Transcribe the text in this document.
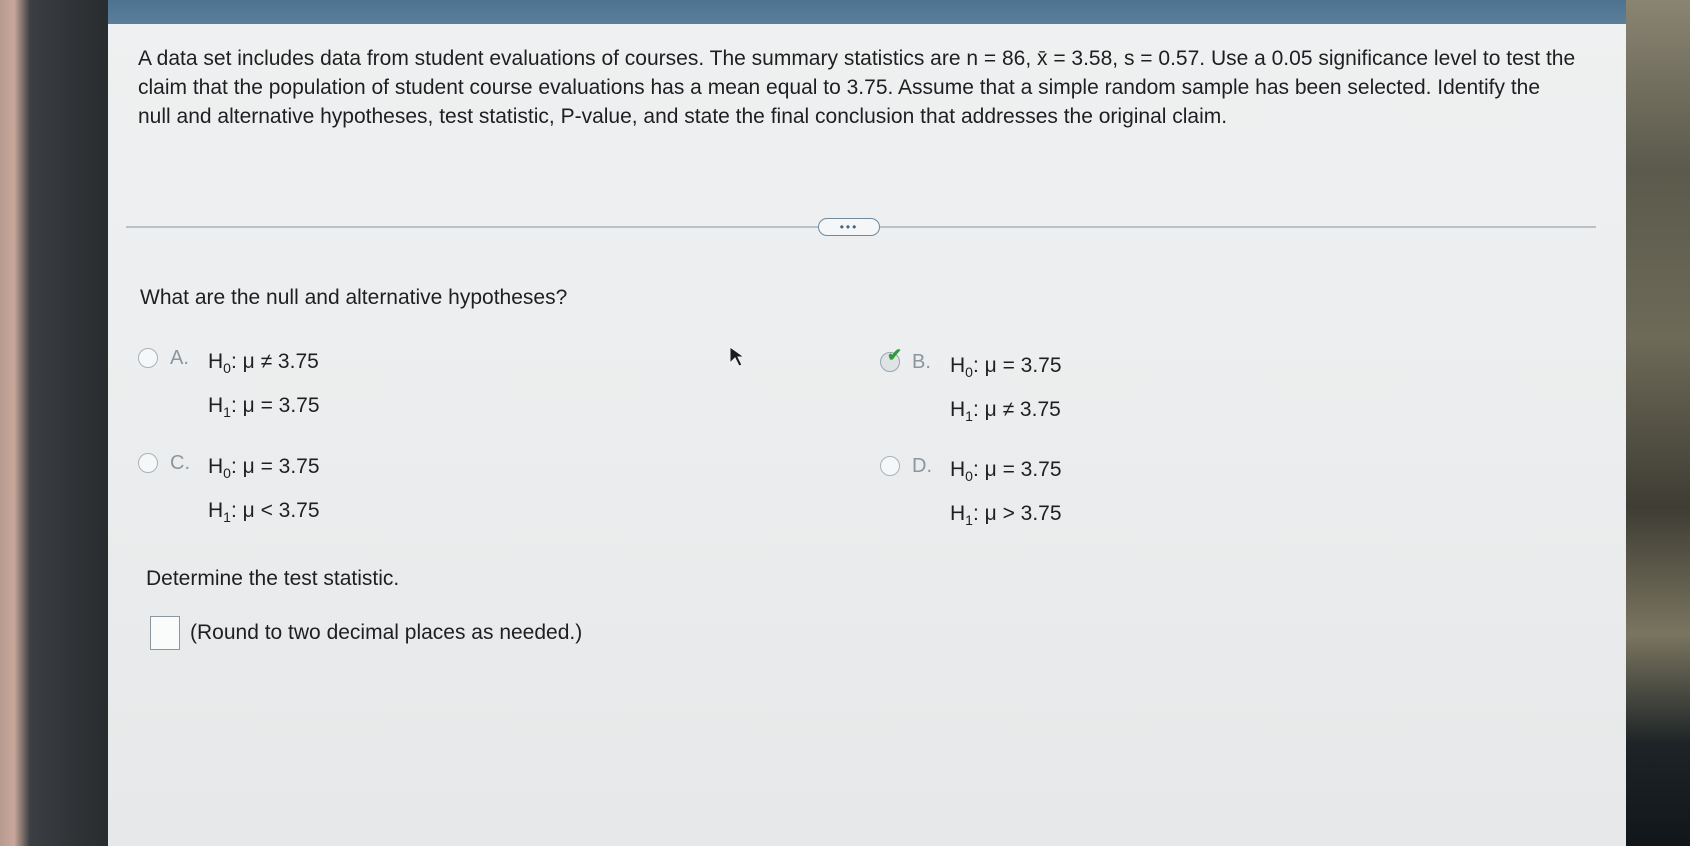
A data set includes data from student evaluations of courses. The summary statistics are n = 86, x̄ = 3.58, s = 0.57. Use a 0.05 significance level to test the claim that the population of student course evaluations has a mean equal to 3.75. Assume that a simple random sample has been selected. Identify the null and alternative hypotheses, test statistic, P-value, and state the final conclusion that addresses the original claim.
•••
What are the null and alternative hypotheses?
A. $H_0$: μ ≠ 3.75
$H_1$: μ = 3.75
✔ B. $H_0$: μ = 3.75
$H_1$: μ ≠ 3.75
C. $H_0$: μ = 3.75
$H_1$: μ < 3.75
D. $H_0$: μ = 3.75
$H_1$: μ > 3.75
Determine the test statistic.
(Round to two decimal places as needed.)
